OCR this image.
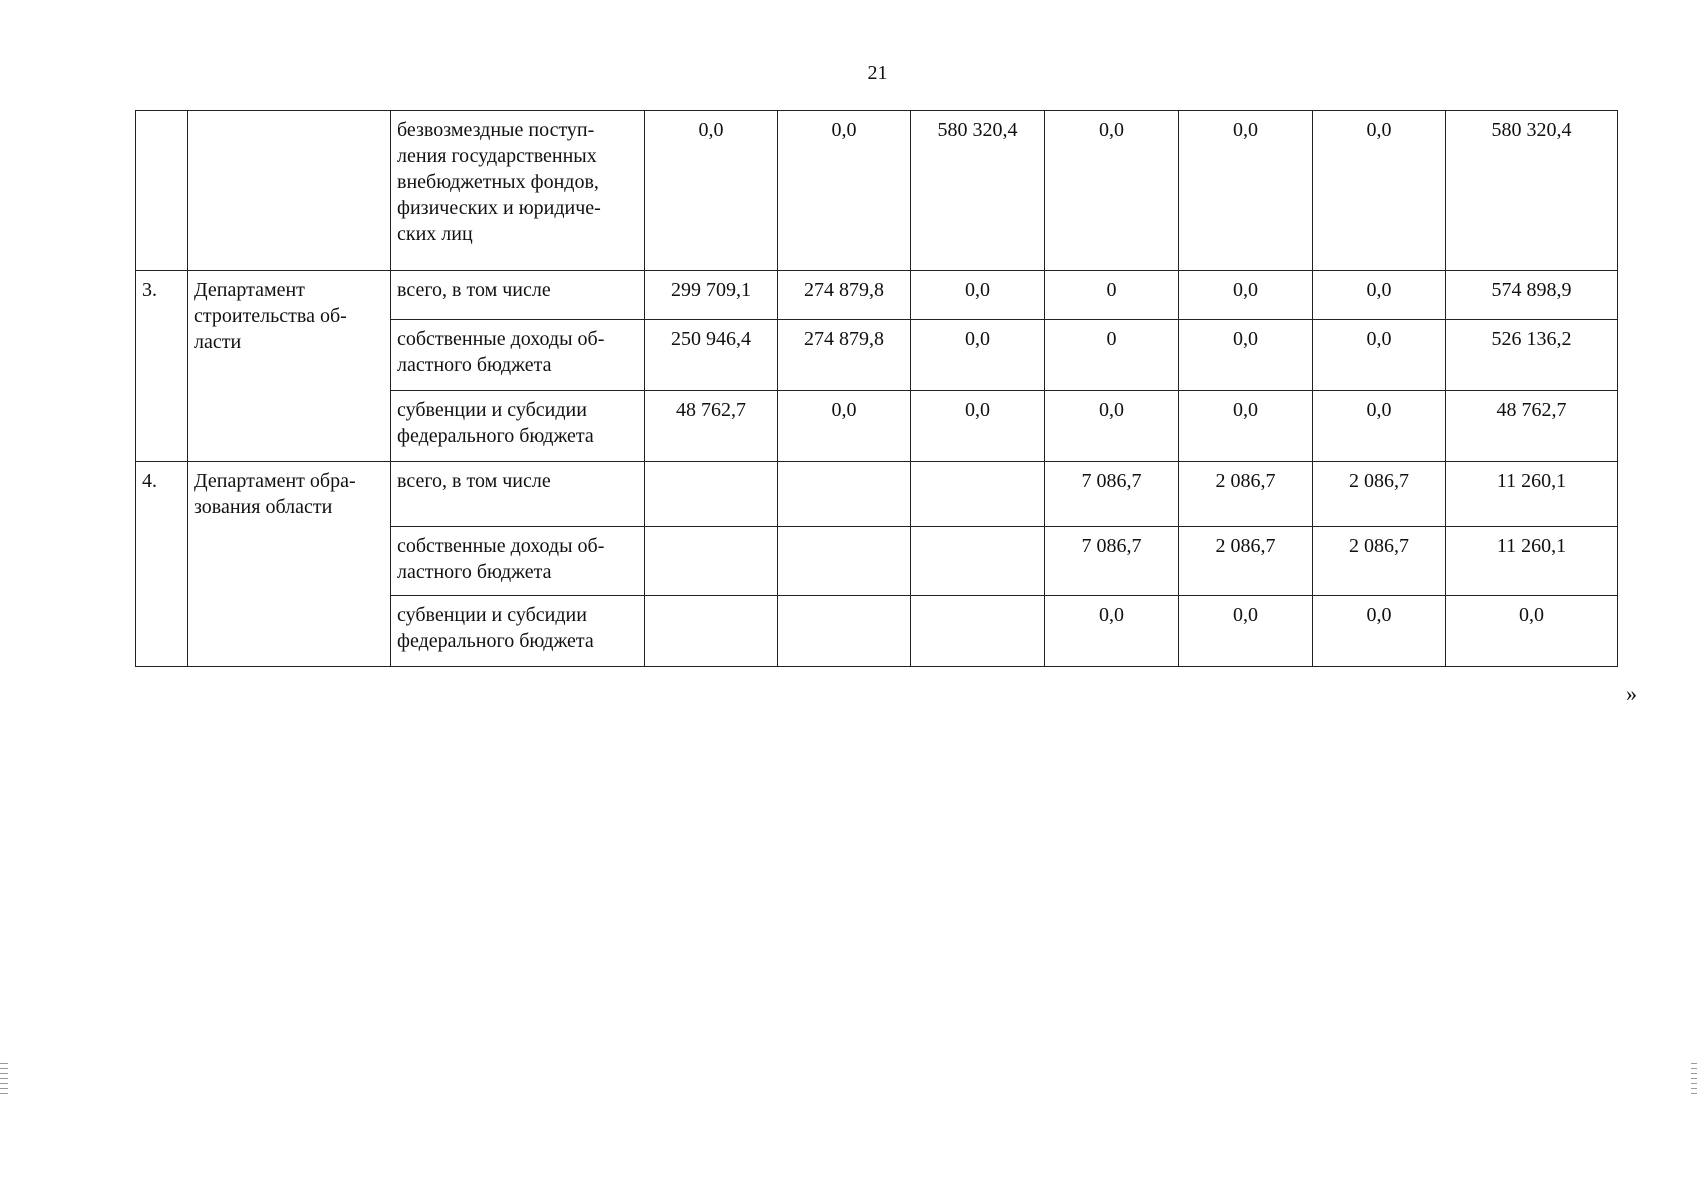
21
		безвозмездные поступ-
ления государственных
внебюджетных фондов,
физических и юридиче-
ских лиц	0,0	0,0	580 320,4	0,0	0,0	0,0	580 320,4
3.	Департамент
строительства об-
ласти	всего, в том числе	299 709,1	274 879,8	0,0	0	0,0	0,0	574 898,9
		собственные доходы об-
ластного бюджета	250 946,4	274 879,8	0,0	0	0,0	0,0	526 136,2
		субвенции и субсидии
федерального бюджета	48 762,7	0,0	0,0	0,0	0,0	0,0	48 762,7
4.	Департамент обра-
зования области	всего, в том числе				7 086,7	2 086,7	2 086,7	11 260,1
		собственные доходы об-
ластного бюджета				7 086,7	2 086,7	2 086,7	11 260,1
		субвенции и субсидии
федерального бюджета				0,0	0,0	0,0	0,0
»
